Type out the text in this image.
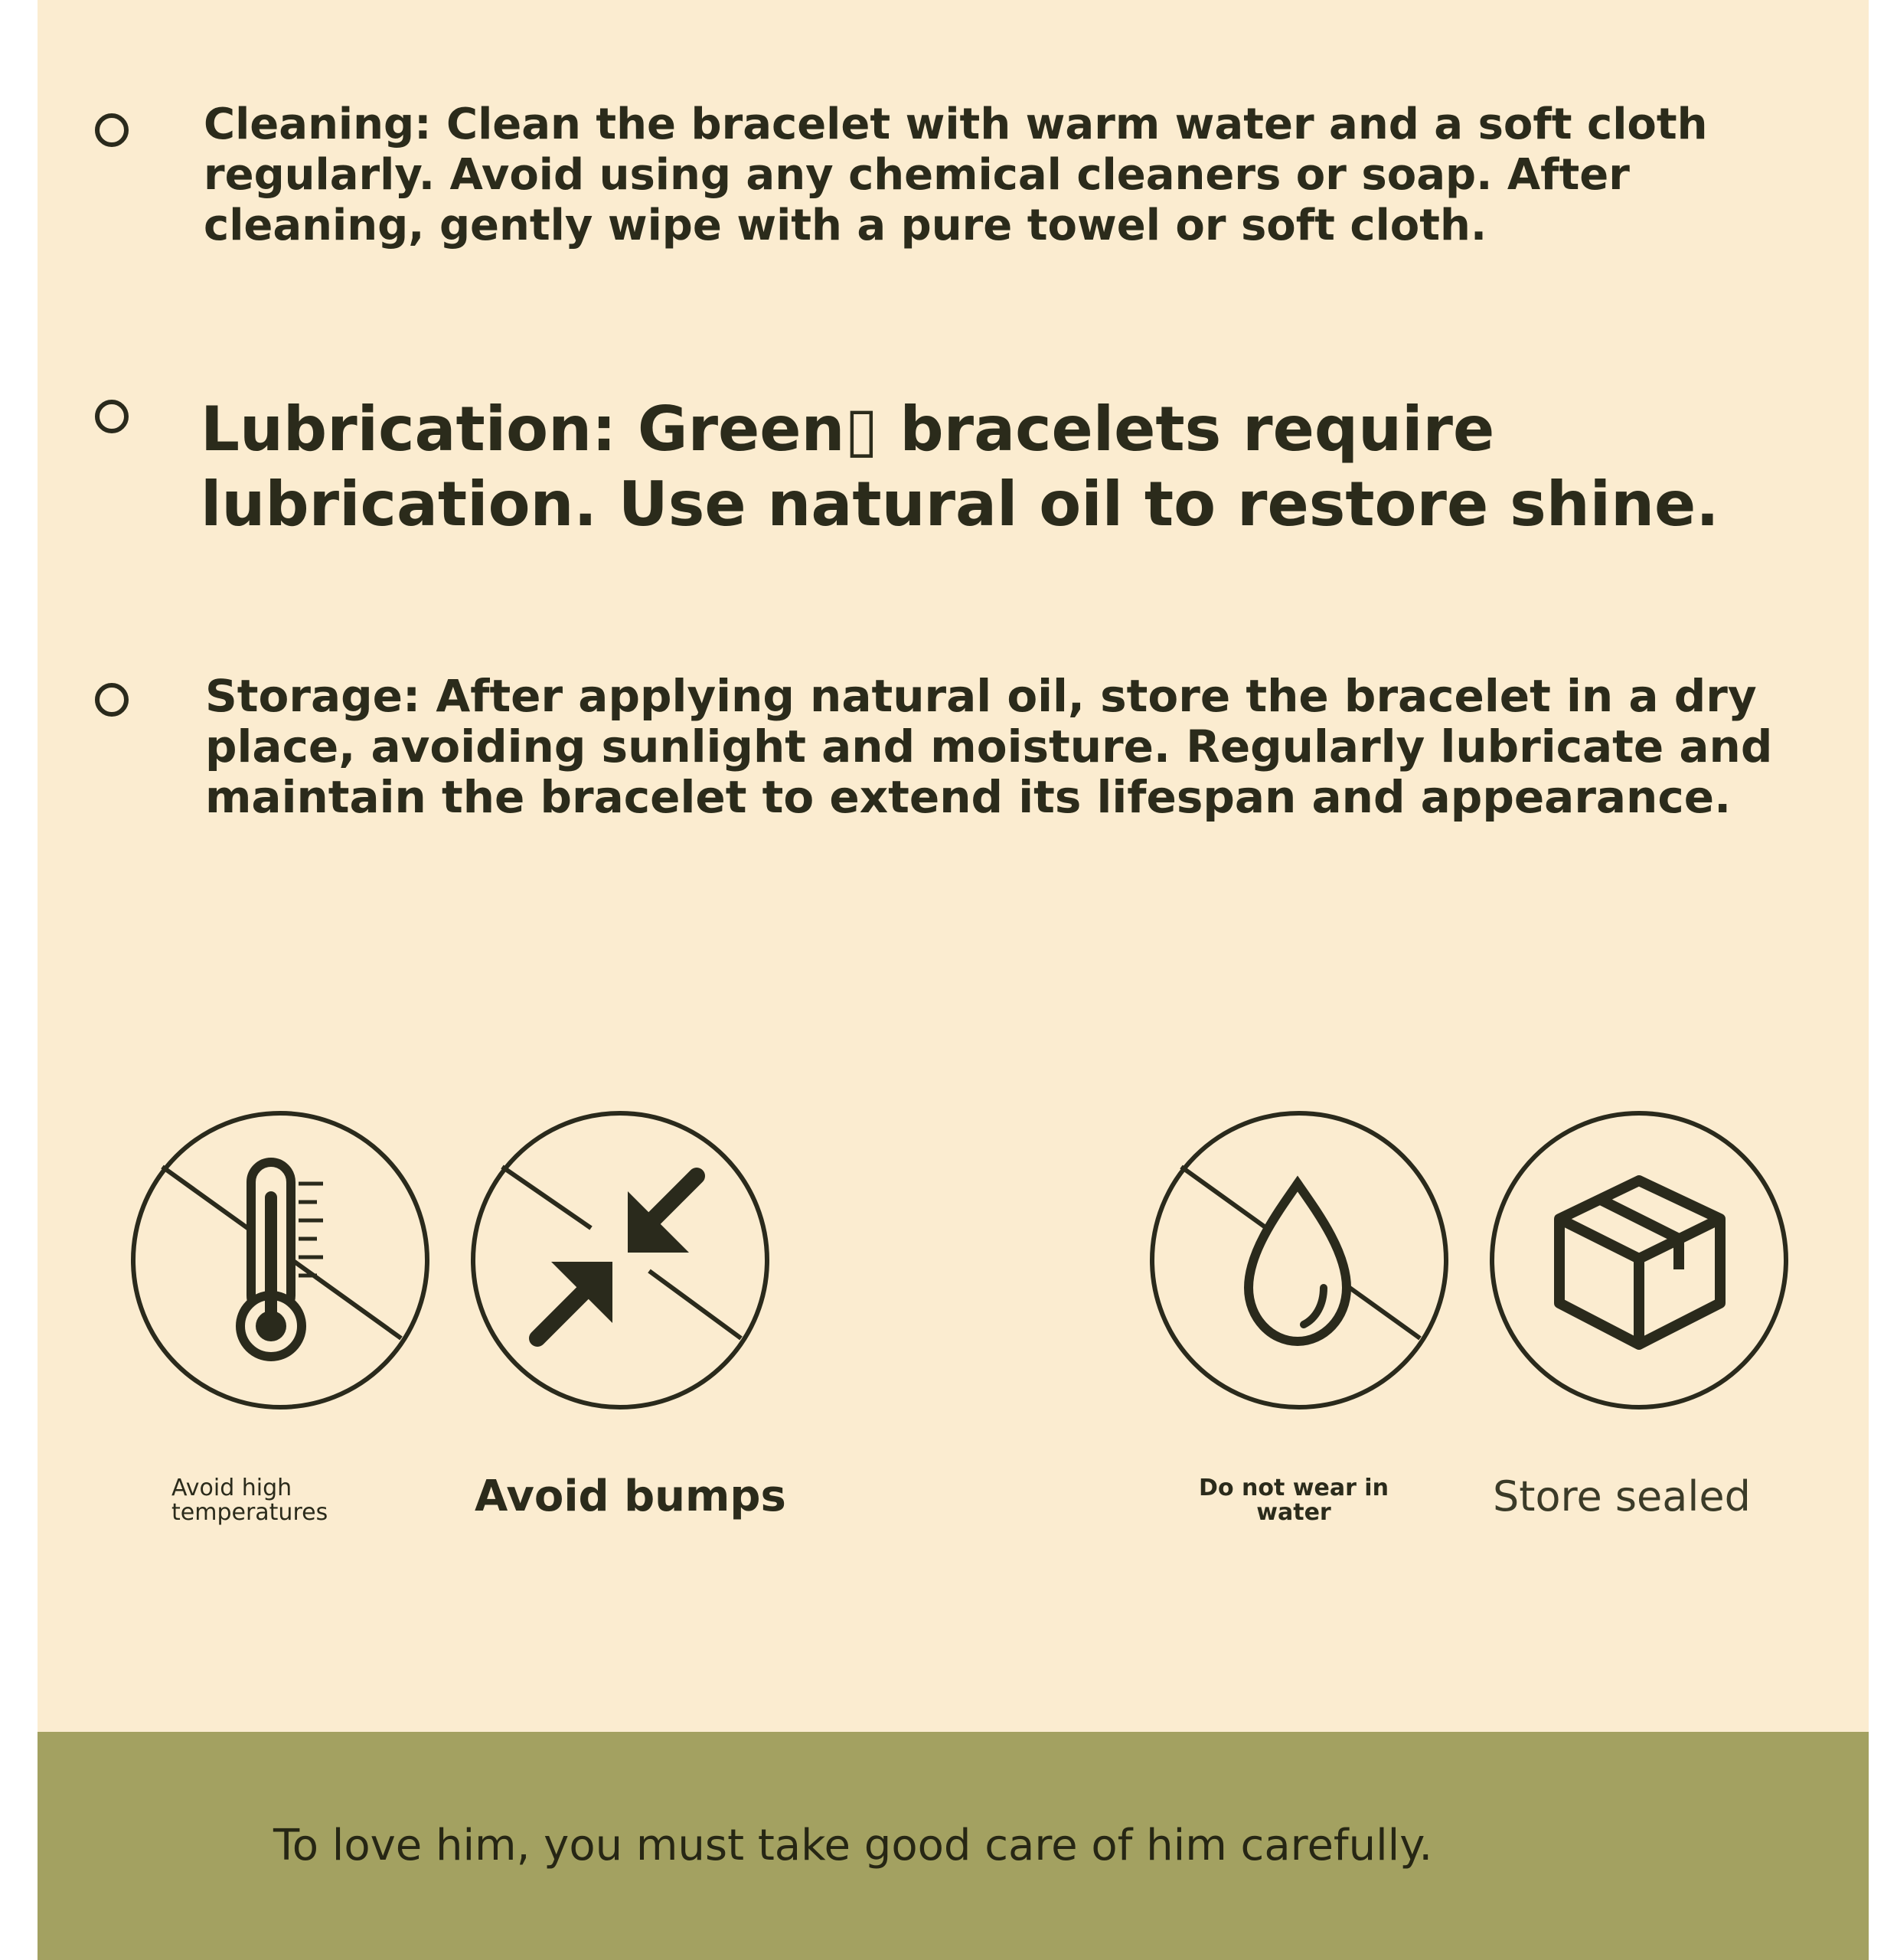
Cleaning: Clean the bracelet with warm water and a soft cloth
regularly. Avoid using any chemical cleaners or soap. After
cleaning, gently wipe with a pure towel or soft cloth.

Lubrication: Green▯ bracelets require
lubrication. Use natural oil to restore shine.

Storage: After applying natural oil, store the bracelet in a dry
place, avoiding sunlight and moisture. Regularly lubricate and
maintain the bracelet to extend its lifespan and appearance.

Avoid high
temperatures	Avoid bumps	Do not wear in
water	Store sealed
To love him, you must take good care of him carefully.
